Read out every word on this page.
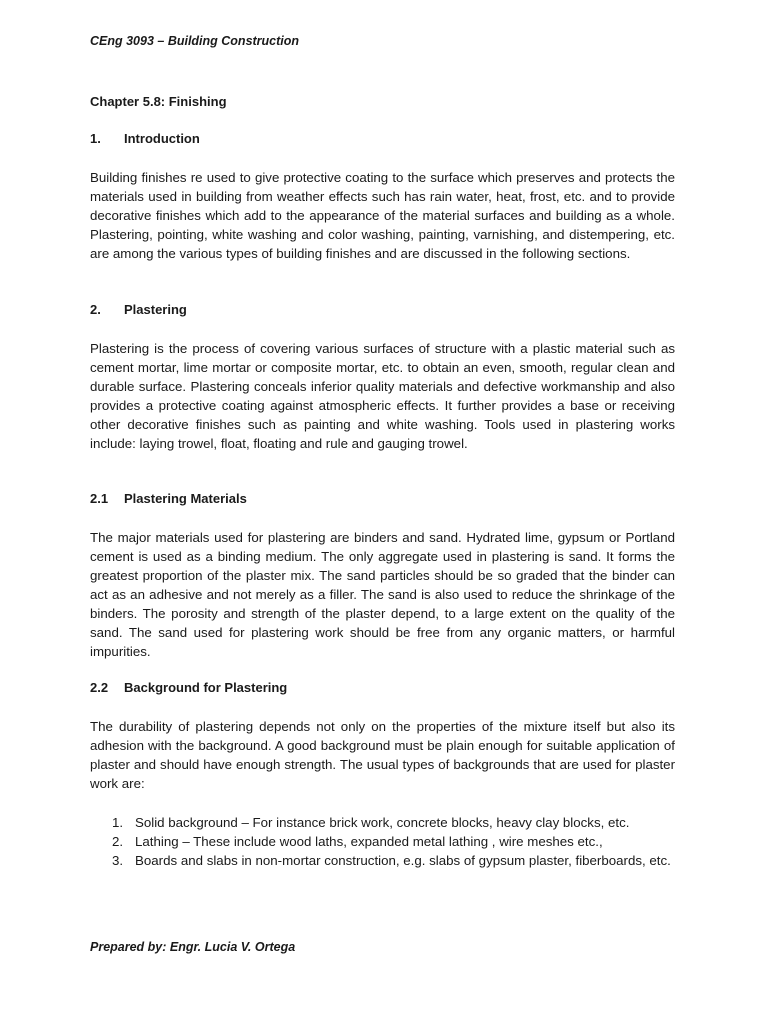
CEng 3093 – Building Construction
Chapter 5.8: Finishing
1. Introduction
Building finishes re used to give protective coating to the surface which preserves and protects the materials used in building from weather effects such has rain water, heat, frost, etc. and to provide decorative finishes which add to the appearance of the material surfaces and building as a whole. Plastering, pointing, white washing and color washing, painting, varnishing, and distempering, etc. are among the various types of building finishes and are discussed in the following sections.
2. Plastering
Plastering is the process of covering various surfaces of structure with a plastic material such as cement mortar, lime mortar or composite mortar, etc. to obtain an even, smooth, regular clean and durable surface. Plastering conceals inferior quality materials and defective workmanship and also provides a protective coating against atmospheric effects. It further provides a base or receiving other decorative finishes such as painting and white washing. Tools used in plastering works include: laying trowel, float, floating and rule and gauging trowel.
2.1 Plastering Materials
The major materials used for plastering are binders and sand. Hydrated lime, gypsum or Portland cement is used as a binding medium. The only aggregate used in plastering is sand. It forms the greatest proportion of the plaster mix. The sand particles should be so graded that the binder can act as an adhesive and not merely as a filler. The sand is also used to reduce the shrinkage of the binders. The porosity and strength of the plaster depend, to a large extent on the quality of the sand. The sand used for plastering work should be free from any organic matters, or harmful impurities.
2.2 Background for Plastering
The durability of plastering depends not only on the properties of the mixture itself but also its adhesion with the background. A good background must be plain enough for suitable application of plaster and should have enough strength. The usual types of backgrounds that are used for plaster work are:
1. Solid background – For instance brick work, concrete blocks, heavy clay blocks, etc.
2. Lathing – These include wood laths, expanded metal lathing , wire meshes etc.,
3. Boards and slabs in non-mortar construction, e.g. slabs of gypsum plaster, fiberboards, etc.
Prepared by: Engr. Lucia V. Ortega
